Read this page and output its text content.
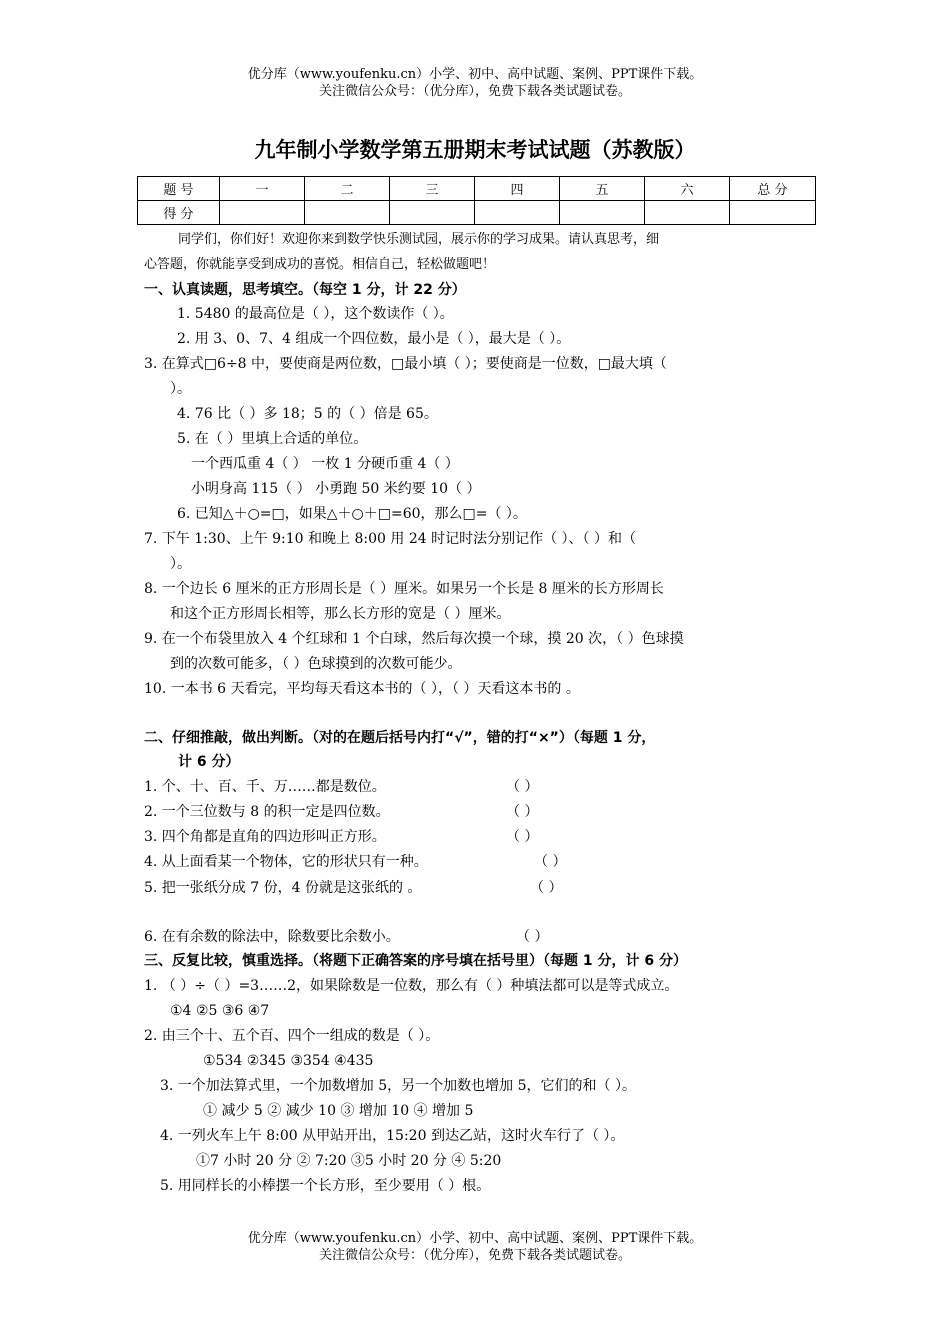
优分库（www.youfenku.cn）小学、初中、高中试题、案例、PPT课件下载。
关注微信公众号：（优分库），免费下载各类试题试卷。
九年制小学数学第五册期末考试试题（苏教版）
题 号	一	二	三	四	五	六	总 分
得 分							
同学们，你们好！欢迎你来到数学快乐测试园，展示你的学习成果。请认真思考，细
心答题，你就能享受到成功的喜悦。相信自己，轻松做题吧！
一、认真读题，思考填空。（每空 1 分，计 22 分）
1. 5480 的最高位是（ ），这个数读作（ ）。
2. 用 3、0、7、4 组成一个四位数，最小是（ ），最大是（ ）。
3. 在算式□6÷8 中，要使商是两位数，□最小填（ ）；要使商是一位数，□最大填（
）。
4. 76 比（ ）多 18；5 的（ ）倍是 65。
5. 在（ ）里填上合适的单位。
一个西瓜重 4（ ） 一枚 1 分硬币重 4（ ）
小明身高 115（ ） 小勇跑 50 米约要 10（ ）
6. 已知△＋○=□，如果△＋○＋□=60，那么□=（ ）。
7. 下午 1:30、上午 9:10 和晚上 8:00 用 24 时记时法分别记作（ ）、（ ）和（
）。
8. 一个边长 6 厘米的正方形周长是（ ）厘米。如果另一个长是 8 厘米的长方形周长
和这个正方形周长相等，那么长方形的宽是（ ）厘米。
9. 在一个布袋里放入 4 个红球和 1 个白球，然后每次摸一个球，摸 20 次，（ ）色球摸
到的次数可能多，（ ）色球摸到的次数可能少。
10. 一本书 6 天看完，平均每天看这本书的（ ），（ ）天看这本书的 。
二、仔细推敲，做出判断。（对的在题后括号内打“√”，错的打“×”）（每题 1 分，
计 6 分）
1. 个、十、百、千、万……都是数位。	（ ）
2. 一个三位数与 8 的积一定是四位数。	（ ）
3. 四个角都是直角的四边形叫正方形。	（ ）
4. 从上面看某一个物体，它的形状只有一种。	（ ）
5. 把一张纸分成 7 份，4 份就是这张纸的 。	（ ）
6. 在有余数的除法中，除数要比余数小。	（ ）
三、反复比较，慎重选择。（将题下正确答案的序号填在括号里）（每题 1 分，计 6 分）
1. （ ）÷（ ）=3……2，如果除数是一位数，那么有（ ）种填法都可以是等式成立。
①4 ②5 ③6 ④7
2. 由三个十、五个百、四个一组成的数是（ ）。
①534 ②345 ③354 ④435
3. 一个加法算式里，一个加数增加 5，另一个加数也增加 5，它们的和（ ）。
① 减少 5 ② 减少 10 ③ 增加 10 ④ 增加 5
4. 一列火车上午 8:00 从甲站开出，15:20 到达乙站，这时火车行了（ ）。
①7 小时 20 分 ② 7:20 ③5 小时 20 分 ④ 5:20
5. 用同样长的小棒摆一个长方形，至少要用（ ）根。
优分库（www.youfenku.cn）小学、初中、高中试题、案例、PPT课件下载。
关注微信公众号：（优分库），免费下载各类试题试卷。
